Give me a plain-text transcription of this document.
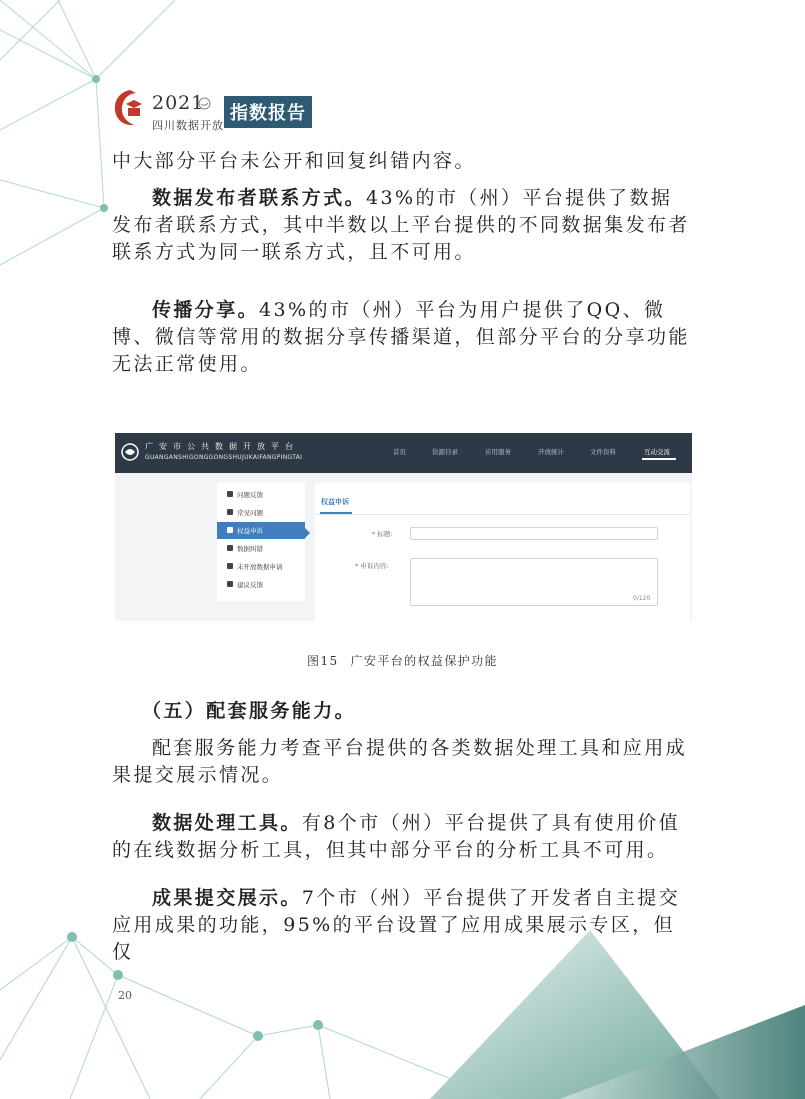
2021
四川数据开放
指数报告

中大部分平台未公开和回复纠错内容。

数据发布者联系方式。43%的市（州）平台提供了数据发布者联系方式，其中半数以上平台提供的不同数据集发布者联系方式为同一联系方式，且不可用。

传播分享。43%的市（州）平台为用户提供了QQ、微博、微信等常用的数据分享传播渠道，但部分平台的分享功能无法正常使用。

广安市公共数据开放平台
GUANGANSHIGONGGONGSHUJUKAIFANGPINGTAI
首页	资源目录	应用服务	开放统计	文件资料	互动交流
问题反馈
常见问题
权益申诉
数据纠错
未开放数据申请
建议反馈
权益申诉
* 标题:
* 申诉内容:
0/120
图15 广安平台的权益保护功能
（五）配套服务能力。

配套服务能力考查平台提供的各类数据处理工具和应用成果提交展示情况。

数据处理工具。有8个市（州）平台提供了具有使用价值的在线数据分析工具，但其中部分平台的分析工具不可用。

成果提交展示。7个市（州）平台提供了开发者自主提交应用成果的功能，95%的平台设置了应用成果展示专区，但仅

20
